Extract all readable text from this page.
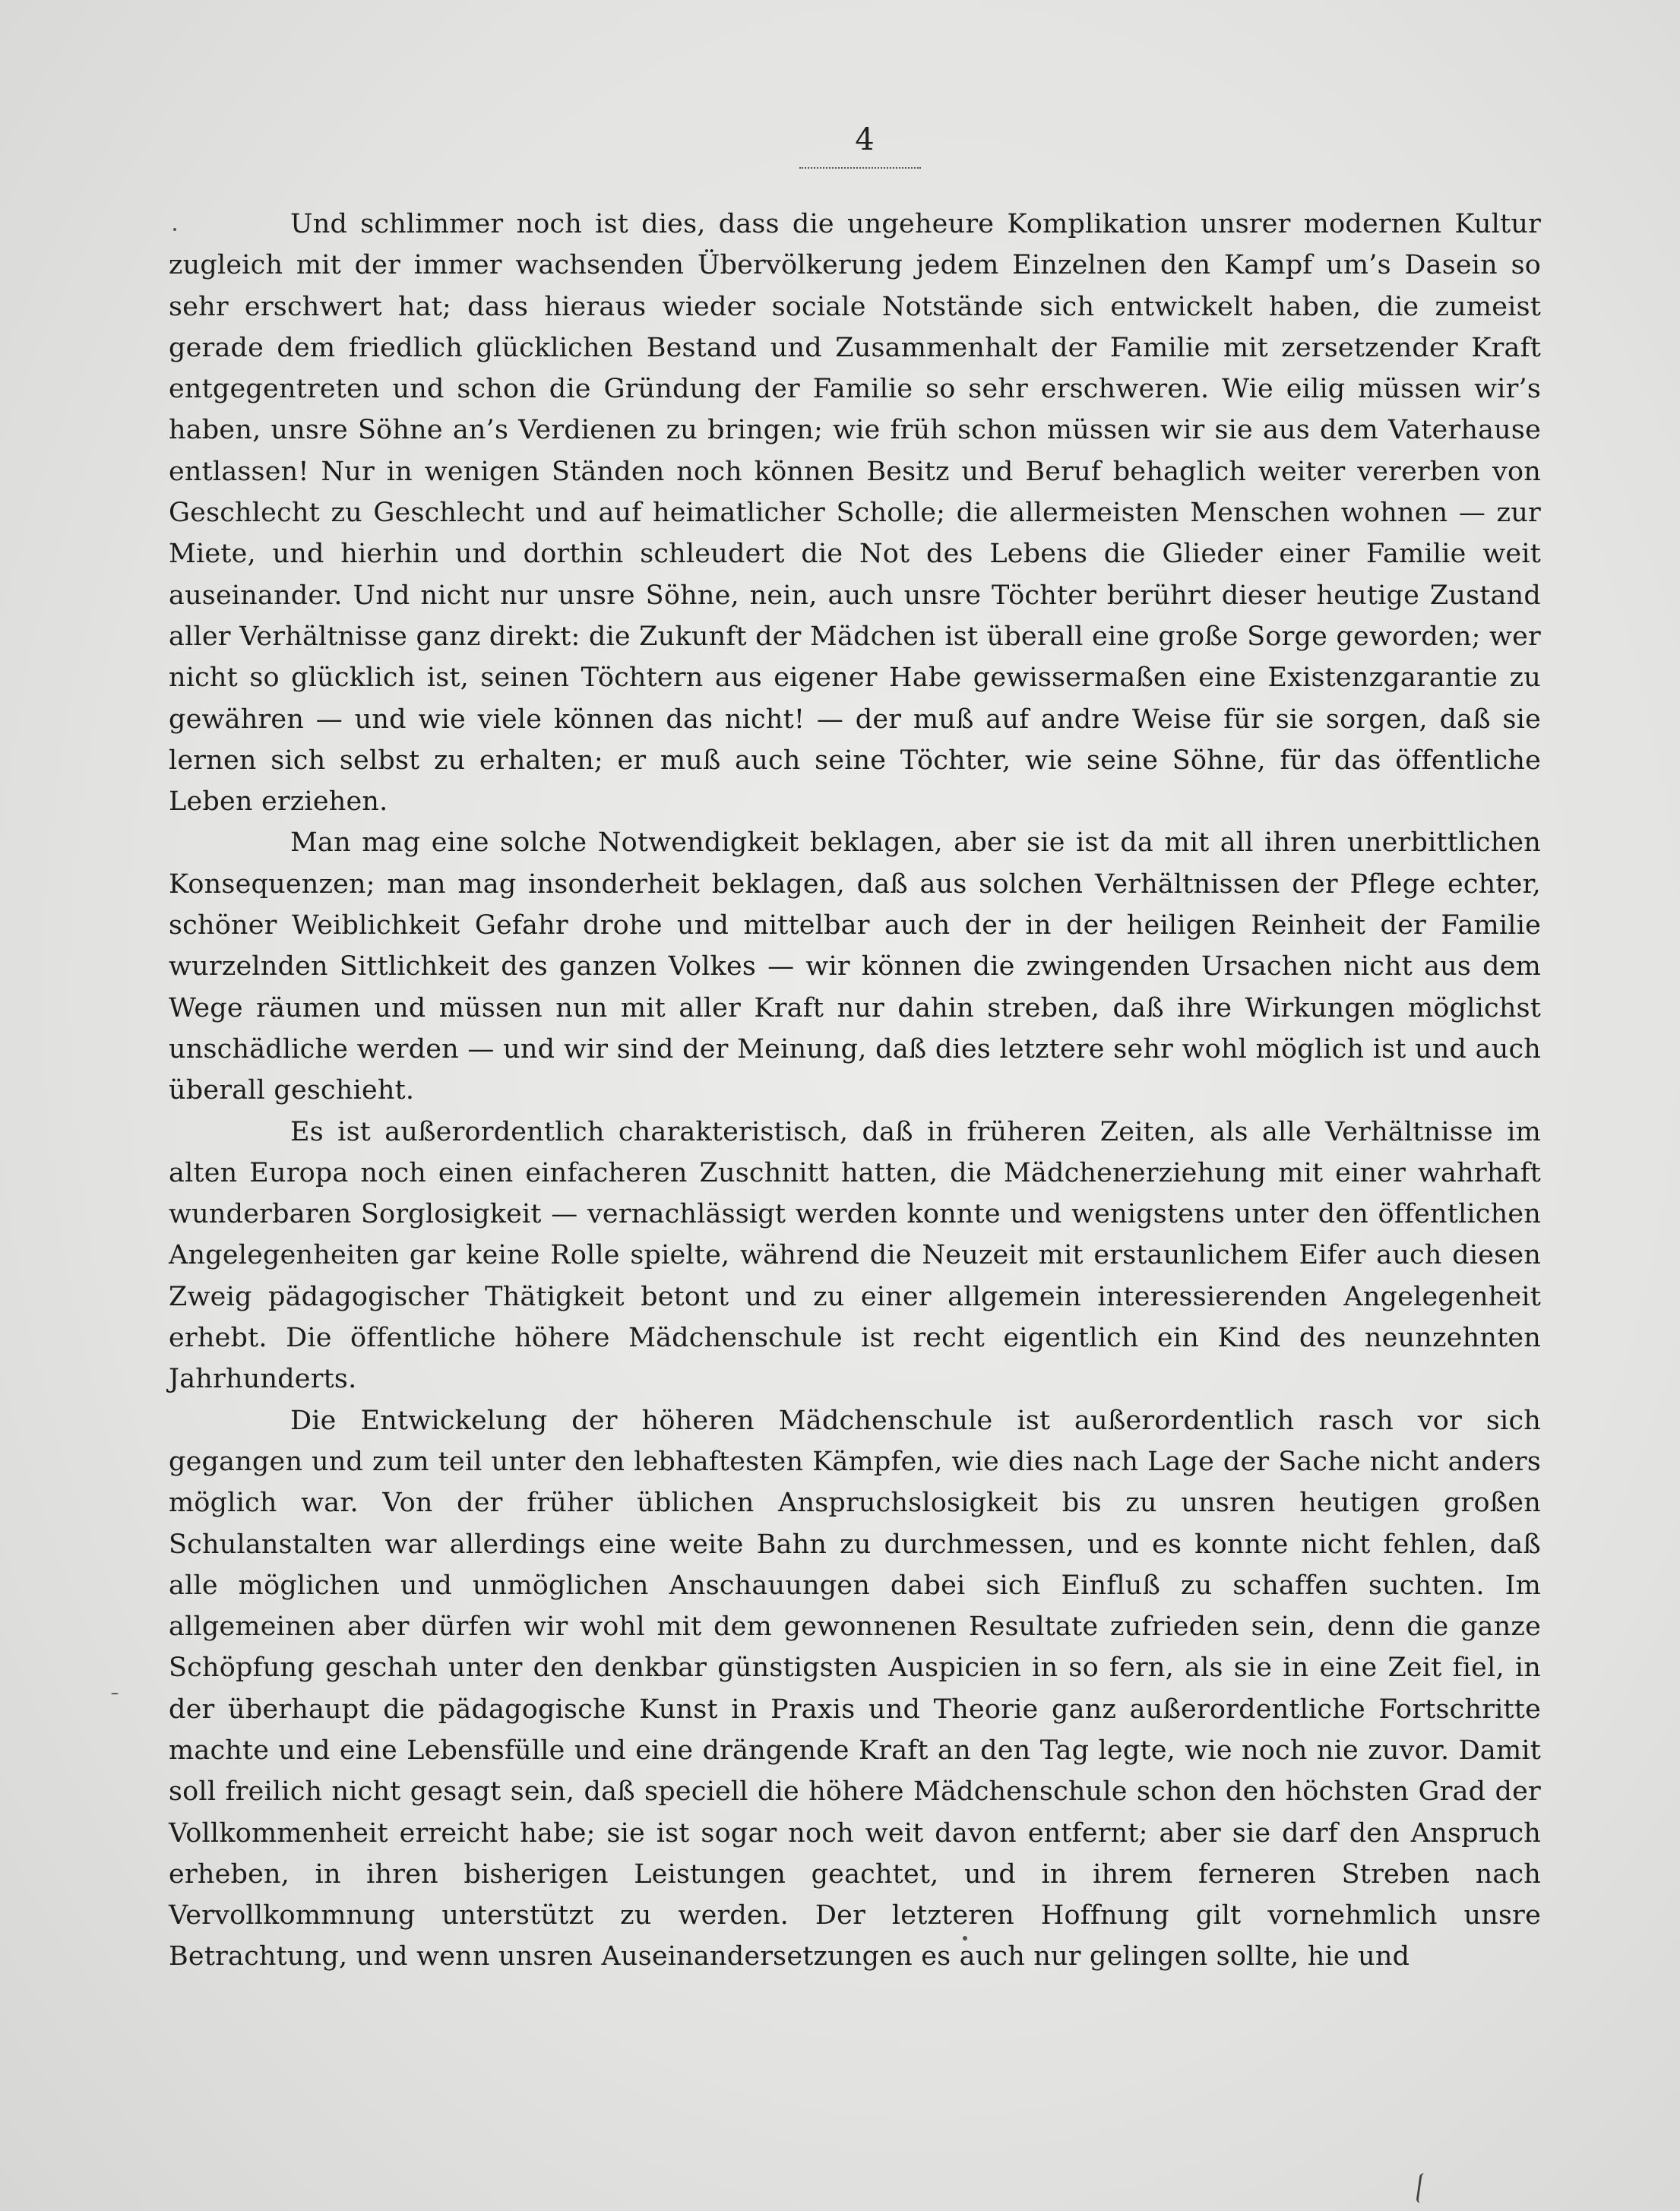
4

Und schlimmer noch ist dies, dass die ungeheure Komplikation unsrer modernen Kultur zugleich mit der immer wachsenden Übervölkerung jedem Einzelnen den Kampf um’s Dasein so sehr erschwert hat; dass hieraus wieder sociale Notstände sich entwickelt haben, die zumeist gerade dem friedlich glücklichen Bestand und Zusammenhalt der Familie mit zersetzender Kraft entgegentreten und schon die Gründung der Familie so sehr erschweren. Wie eilig müssen wir’s haben, unsre Söhne an’s Verdienen zu bringen; wie früh schon müssen wir sie aus dem Vaterhause entlassen! Nur in wenigen Ständen noch können Besitz und Beruf behaglich weiter vererben von Geschlecht zu Geschlecht und auf heimatlicher Scholle; die allermeisten Menschen wohnen — zur Miete, und hierhin und dorthin schleudert die Not des Lebens die Glieder einer Familie weit auseinander. Und nicht nur unsre Söhne, nein, auch unsre Töchter berührt dieser heutige Zustand aller Verhältnisse ganz direkt: die Zukunft der Mädchen ist überall eine große Sorge geworden; wer nicht so glücklich ist, seinen Töchtern aus eigener Habe gewissermaßen eine Existenzgarantie zu gewähren — und wie viele können das nicht! — der muß auf andre Weise für sie sorgen, daß sie lernen sich selbst zu erhalten; er muß auch seine Töchter, wie seine Söhne, für das öffentliche Leben erziehen.

Man mag eine solche Notwendigkeit beklagen, aber sie ist da mit all ihren unerbittlichen Konsequenzen; man mag insonderheit beklagen, daß aus solchen Verhältnissen der Pflege echter, schöner Weiblichkeit Gefahr drohe und mittelbar auch der in der heiligen Reinheit der Familie wurzelnden Sittlichkeit des ganzen Volkes — wir können die zwingenden Ursachen nicht aus dem Wege räumen und müssen nun mit aller Kraft nur dahin streben, daß ihre Wirkungen möglichst unschädliche werden — und wir sind der Meinung, daß dies letztere sehr wohl möglich ist und auch überall geschieht.

Es ist außerordentlich charakteristisch, daß in früheren Zeiten, als alle Verhältnisse im alten Europa noch einen einfacheren Zuschnitt hatten, die Mädchenerziehung mit einer wahrhaft wunderbaren Sorglosigkeit — vernachlässigt werden konnte und wenigstens unter den öffentlichen Angelegenheiten gar keine Rolle spielte, während die Neuzeit mit erstaunlichem Eifer auch diesen Zweig pädagogischer Thätigkeit betont und zu einer allgemein interessierenden Angelegenheit erhebt. Die öffentliche höhere Mädchenschule ist recht eigentlich ein Kind des neunzehnten Jahrhunderts.

Die Entwickelung der höheren Mädchenschule ist außerordentlich rasch vor sich gegangen und zum teil unter den lebhaftesten Kämpfen, wie dies nach Lage der Sache nicht anders möglich war. Von der früher üblichen Anspruchslosigkeit bis zu unsren heutigen großen Schulanstalten war allerdings eine weite Bahn zu durchmessen, und es konnte nicht fehlen, daß alle möglichen und unmöglichen Anschauungen dabei sich Einfluß zu schaffen suchten. Im allgemeinen aber dürfen wir wohl mit dem gewonnenen Resultate zufrieden sein, denn die ganze Schöpfung geschah unter den denkbar günstigsten Auspicien in so fern, als sie in eine Zeit fiel, in der überhaupt die pädagogische Kunst in Praxis und Theorie ganz außerordentliche Fortschritte machte und eine Lebensfülle und eine drängende Kraft an den Tag legte, wie noch nie zuvor. Damit soll freilich nicht gesagt sein, daß speciell die höhere Mädchenschule schon den höchsten Grad der Vollkommenheit erreicht habe; sie ist sogar noch weit davon entfernt; aber sie darf den Anspruch erheben, in ihren bisherigen Leistungen geachtet, und in ihrem ferneren Streben nach Vervollkommnung unterstützt zu werden. Der letzteren Hoffnung gilt vornehmlich unsre Betrachtung, und wenn unsren Auseinandersetzungen es auch nur gelingen sollte, hie und
